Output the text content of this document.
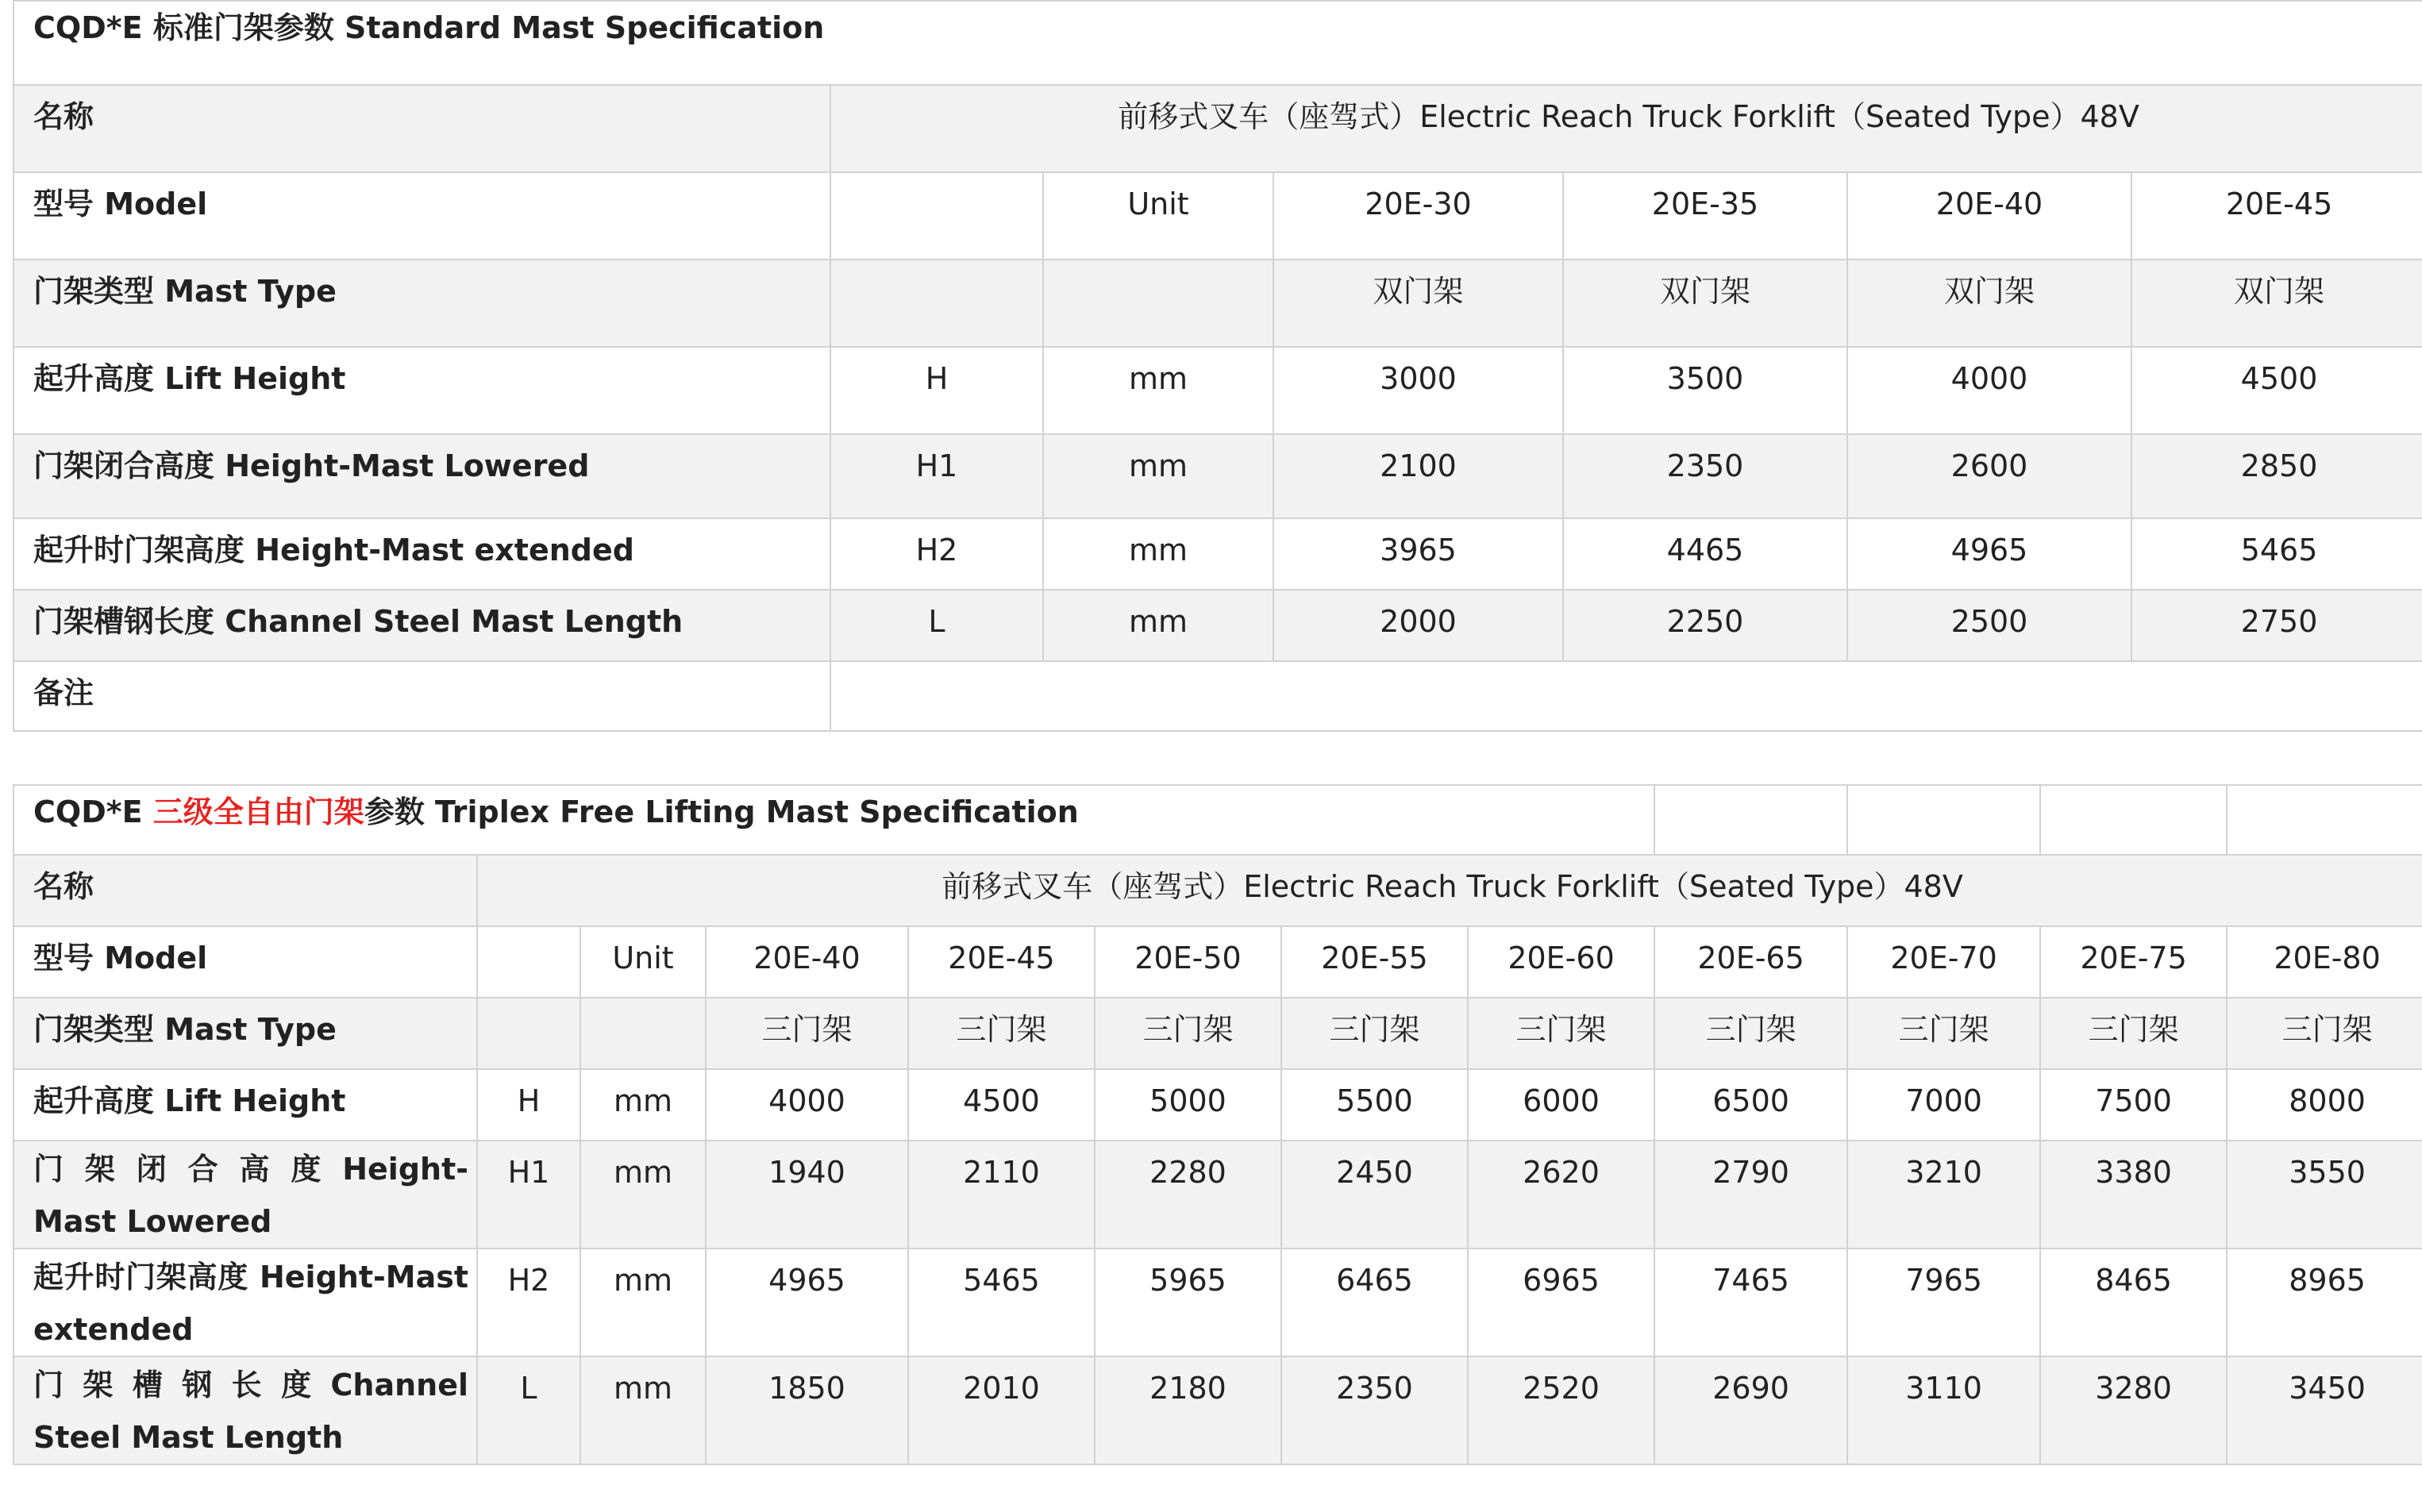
CQD*E 标准门架参数 Standard Mast Specification						
名称	前移式叉车（座驾式）Electric Reach Truck Forklift（Seated Type）48V					
型号 Model		Unit	20E-30	20E-35	20E-40	20E-45
门架类型 Mast Type			双门架	双门架	双门架	双门架
起升高度 Lift Height	H	mm	3000	3500	4000	4500
门架闭合高度 Height-Mast Lowered	H1	mm	2100	2350	2600	2850
起升时门架高度 Height-Mast extended	H2	mm	3965	4465	4965	5465
门架槽钢长度 Channel Steel Mast Length	L	mm	2000	2250	2500	2750
备注						
CQD*E 三级全自由门架参数 Triplex Free Lifting Mast Specification											
名称	前移式叉车（座驾式）Electric Reach Truck Forklift（Seated Type）48V										
型号 Model		Unit	20E-40	20E-45	20E-50	20E-55	20E-60	20E-65	20E-70	20E-75	20E-80
门架类型 Mast Type			三门架	三门架	三门架	三门架	三门架	三门架	三门架	三门架	三门架
起升高度 Lift Height	H	mm	4000	4500	5000	5500	6000	6500	7000	7500	8000
门 架 闭 合 高 度 Height-Mast Lowered	H1	mm	1940	2110	2280	2450	2620	2790	3210	3380	3550
起升时门架高度 Height-Mast extended	H2	mm	4965	5465	5965	6465	6965	7465	7965	8465	8965
门 架 槽 钢 长 度 Channel Steel Mast Length	L	mm	1850	2010	2180	2350	2520	2690	3110	3280	3450
